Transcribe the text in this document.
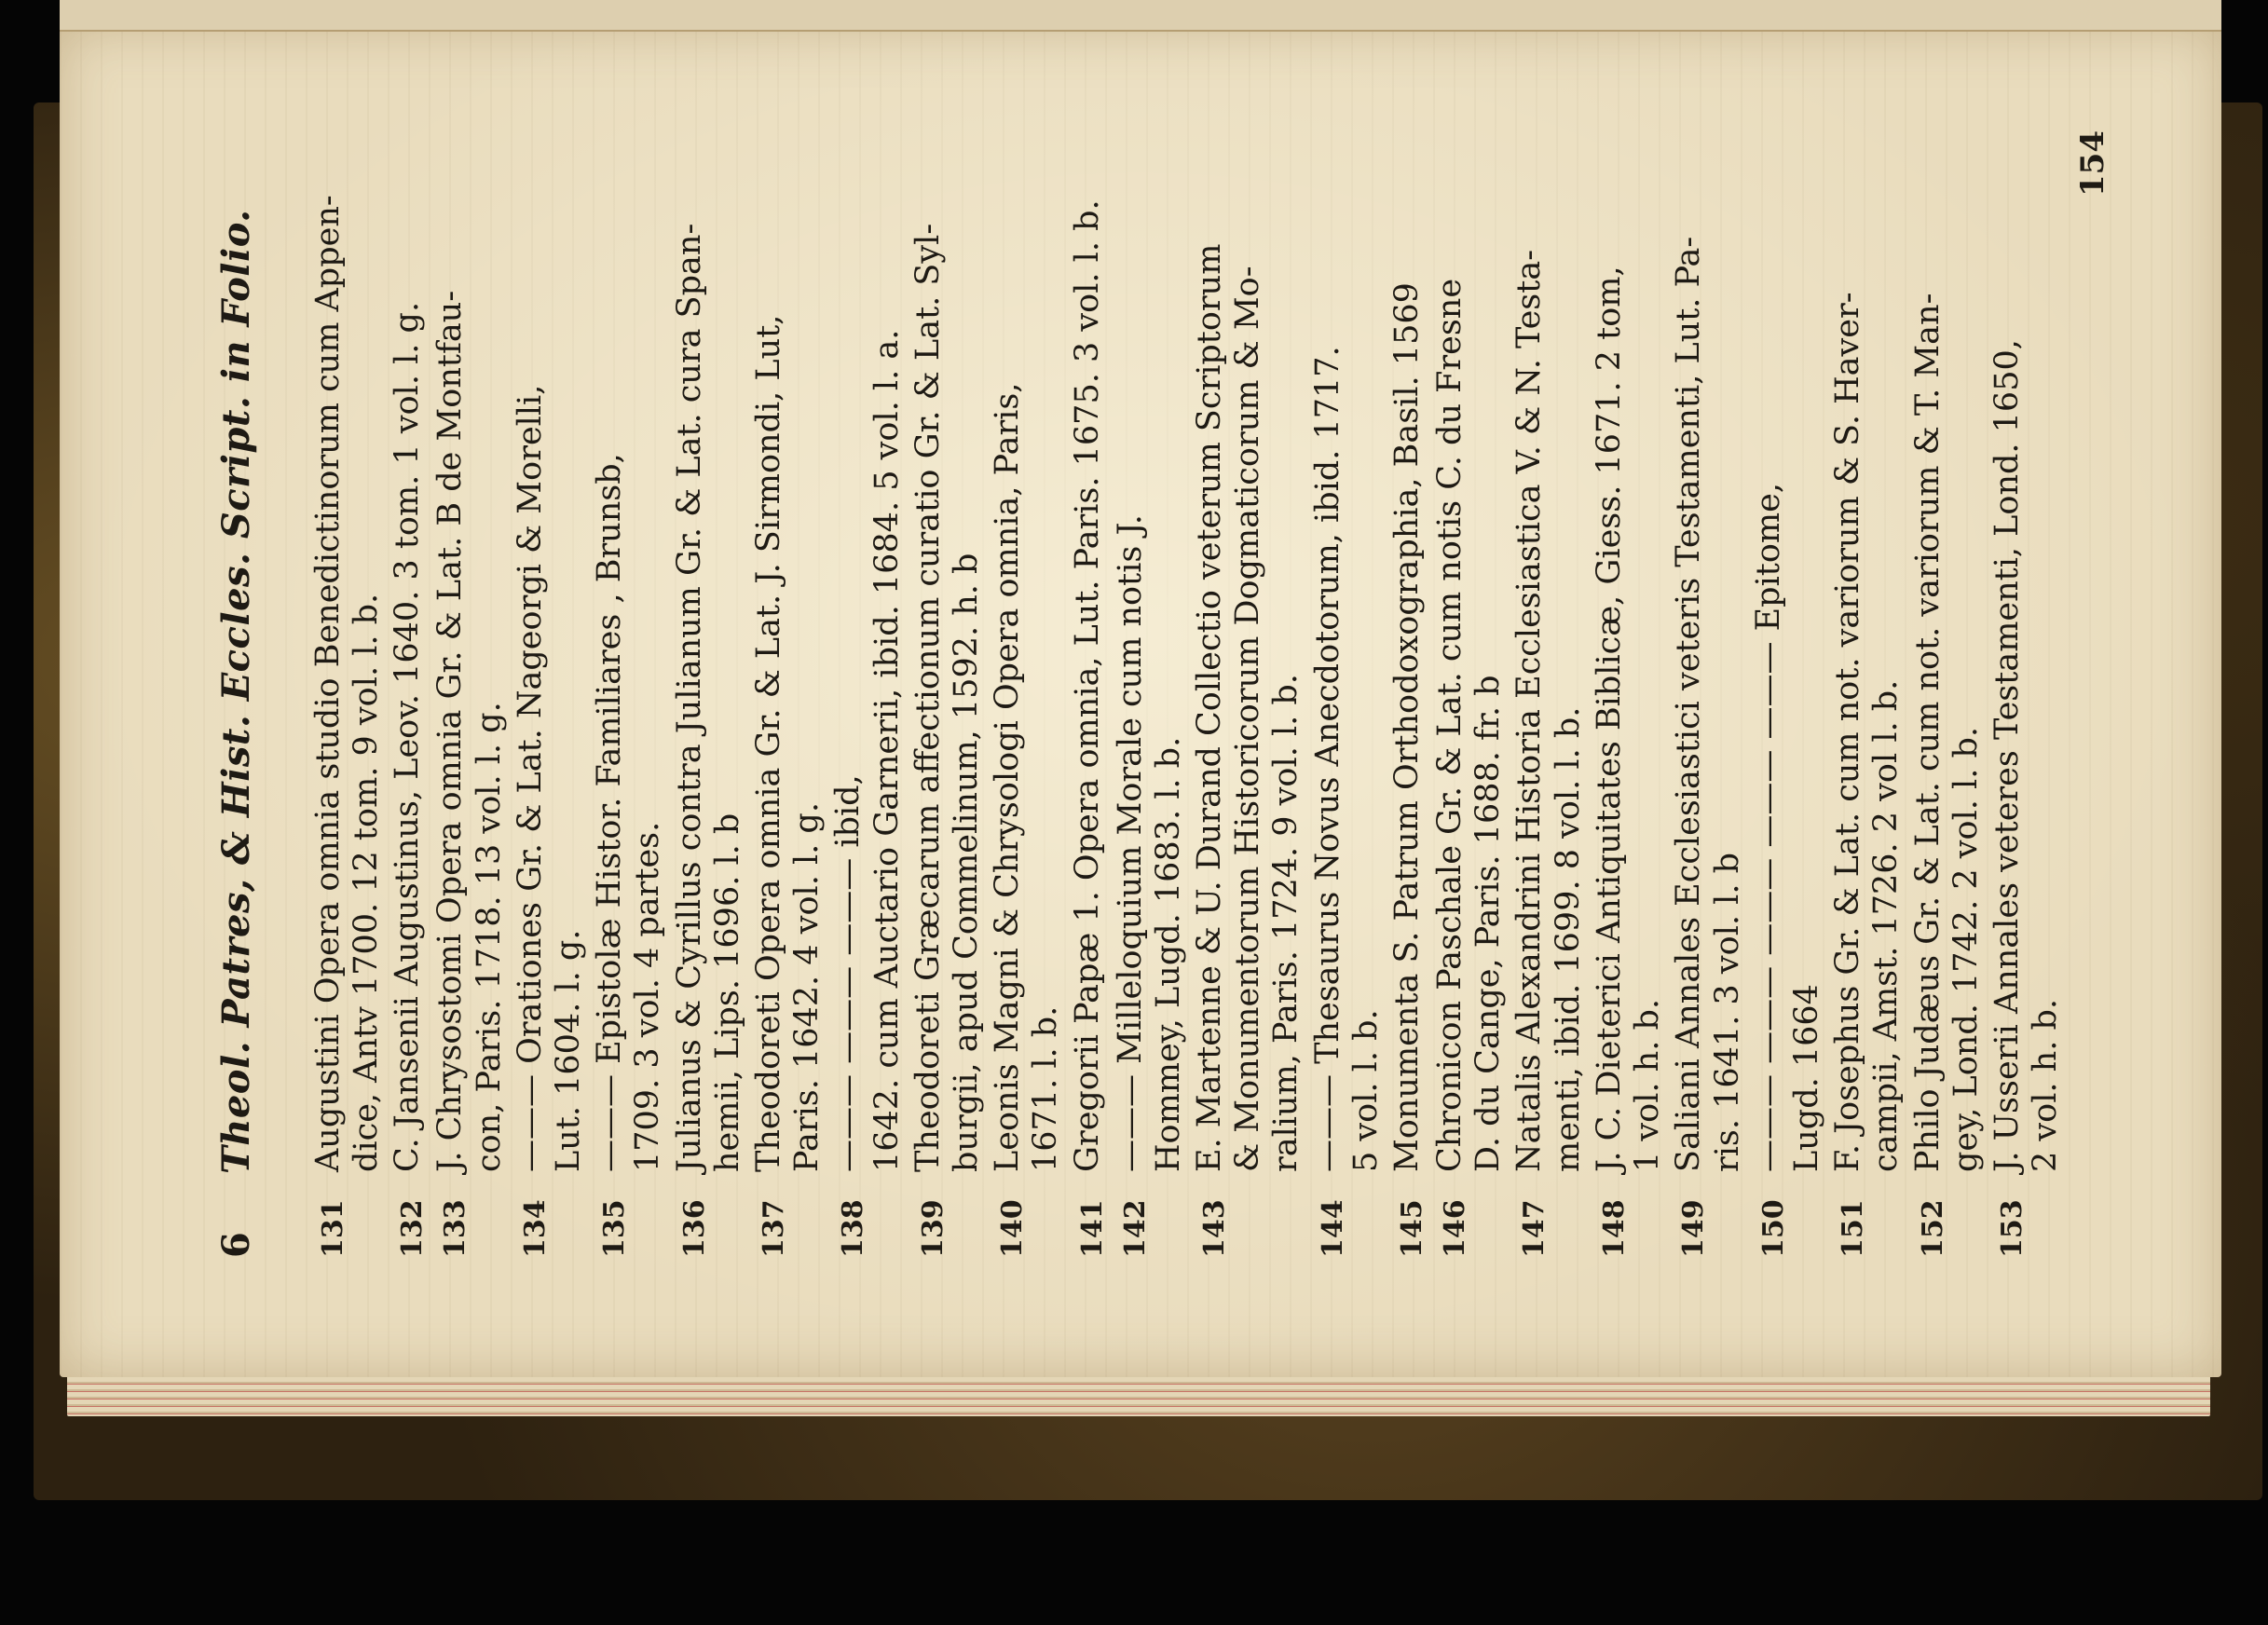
6
Theol. Patres, & Hist. Eccles. Script. in Folio.
131
Augustini Opera omnia studio Benedictinorum cum Appen- dice, Antv 1700. 12 tom. 9 vol. l. b.
132
C. Jansenii Augustinus, Leov. 1640. 3 tom. 1 vol. l. g.
133
J. Chrysostomi Opera omnia Gr. & Lat. B de Montfau- con, Paris. 1718. 13 vol. l. g.
134
——— Orationes Gr. & Lat. Nageorgi & Morelli, Lut. 1604. l. g.
135
——— Epistolæ Histor. Familiares , Brunsb, 1709. 3 vol. 4 partes.
136
Julianus & Cyrillus contra Julianum Gr. & Lat. cura Span- hemii, Lips. 1696. l. b
137
Theodoreti Opera omnia Gr. & Lat. J. Sirmondi, Lut, Paris. 1642. 4 vol. l. g.
138
——— ——— ——— ibid, 1642. cum Auctario Garnerii, ibid. 1684. 5 vol. l. a.
139
Theodoreti Græcarum affectionum curatio Gr. & Lat. Syl- burgii, apud Commelinum, 1592. h. b
140
Leonis Magni & Chrysologi Opera omnia, Paris, 1671. l. b.
141
Gregorii Papæ 1. Opera omnia, Lut. Paris. 1675. 3 vol. l. b.
142
——— Milleloquium Morale cum notis J. Hommey, Lugd. 1683. l. b.
143
E. Martenne & U. Durand Collectio veterum Scriptorum & Monumentorum Historicorum Dogmaticorum & Mo- ralium, Paris. 1724. 9 vol. l. b.
144
——— Thesaurus Novus Anecdotorum, ibid. 1717. 5 vol. l. b.
145
Monumenta S. Patrum Orthodoxographia, Basil. 1569
146
Chronicon Paschale Gr. & Lat. cum notis C. du Fresne D. du Cange, Paris. 1688. fr. b
147
Natalis Alexandrini Historia Ecclesiastica V. & N. Testa- menti, ibid. 1699. 8 vol. l. b.
148
J. C. Dieterici Antiquitates Biblicæ, Giess. 1671. 2 tom, 1 vol. h. b.
149
Saliani Annales Ecclesiastici veteris Testamenti, Lut. Pa- ris. 1641. 3 vol. l. b
150
——— ——— ——— ——— ——— Epitome, Lugd. 1664
151
F. Josephus Gr. & Lat. cum not. variorum & S. Haver- campii, Amst. 1726. 2 vol l. b.
152
Philo Judæus Gr. & Lat. cum not. variorum & T. Man- gey, Lond. 1742. 2 vol. l. b.
153
J. Usserii Annales veteres Testamenti, Lond. 1650, 2 vol. h. b.
154
